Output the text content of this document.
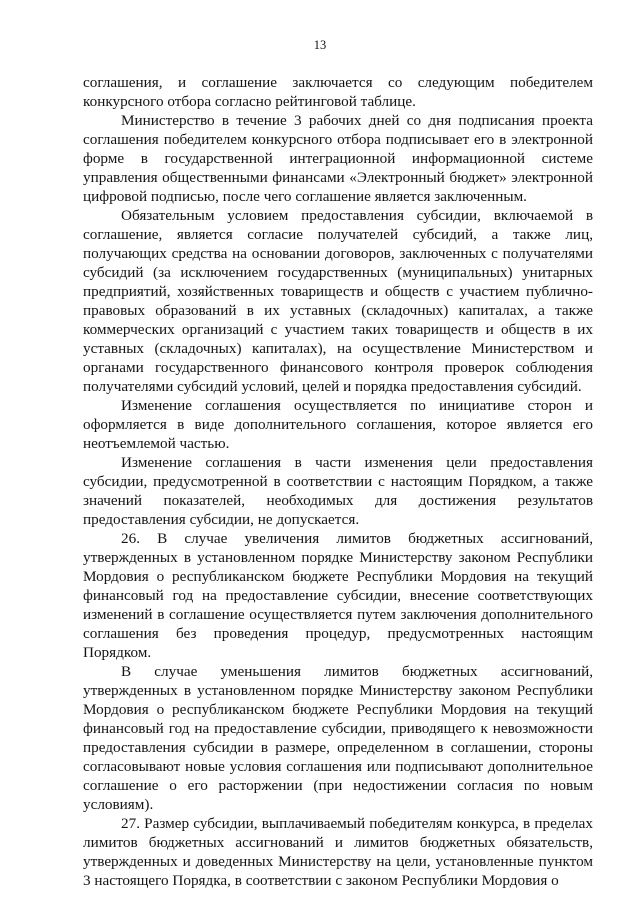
13

соглашения, и соглашение заключается со следующим победителем конкурсного отбора согласно рейтинговой таблице.

Министерство в течение 3 рабочих дней со дня подписания проекта соглашения победителем конкурсного отбора подписывает его в электронной форме в государственной интеграционной информационной системе управления общественными финансами «Электронный бюджет» электронной цифровой подписью, после чего соглашение является заключенным.

Обязательным условием предоставления субсидии, включаемой в соглашение, является согласие получателей субсидий, а также лиц, получающих средства на основании договоров, заключенных с получателями субсидий (за исключением государственных (муниципальных) унитарных предприятий, хозяйственных товариществ и обществ с участием публично-правовых образований в их уставных (складочных) капиталах, а также коммерческих организаций с участием таких товариществ и обществ в их уставных (складочных) капиталах), на осуществление Министерством и органами государственного финансового контроля проверок соблюдения получателями субсидий условий, целей и порядка предоставления субсидий.

Изменение соглашения осуществляется по инициативе сторон и оформляется в виде дополнительного соглашения, которое является его неотъемлемой частью.

Изменение соглашения в части изменения цели предоставления субсидии, предусмотренной в соответствии с настоящим Порядком, а также значений показателей, необходимых для достижения результатов предоставления субсидии, не допускается.

26. В случае увеличения лимитов бюджетных ассигнований, утвержденных в установленном порядке Министерству законом Республики Мордовия о республиканском бюджете Республики Мордовия на текущий финансовый год на предоставление субсидии, внесение соответствующих изменений в соглашение осуществляется путем заключения дополнительного соглашения без проведения процедур, предусмотренных настоящим Порядком.

В случае уменьшения лимитов бюджетных ассигнований, утвержденных в установленном порядке Министерству законом Республики Мордовия о республиканском бюджете Республики Мордовия на текущий финансовый год на предоставление субсидии, приводящего к невозможности предоставления субсидии в размере, определенном в соглашении, стороны согласовывают новые условия соглашения или подписывают дополнительное соглашение о его расторжении (при недостижении согласия по новым условиям).

27. Размер субсидии, выплачиваемый победителям конкурса, в пределах лимитов бюджетных ассигнований и лимитов бюджетных обязательств, утвержденных и доведенных Министерству на цели, установленные пунктом 3 настоящего Порядка, в соответствии с законом Республики Мордовия о
